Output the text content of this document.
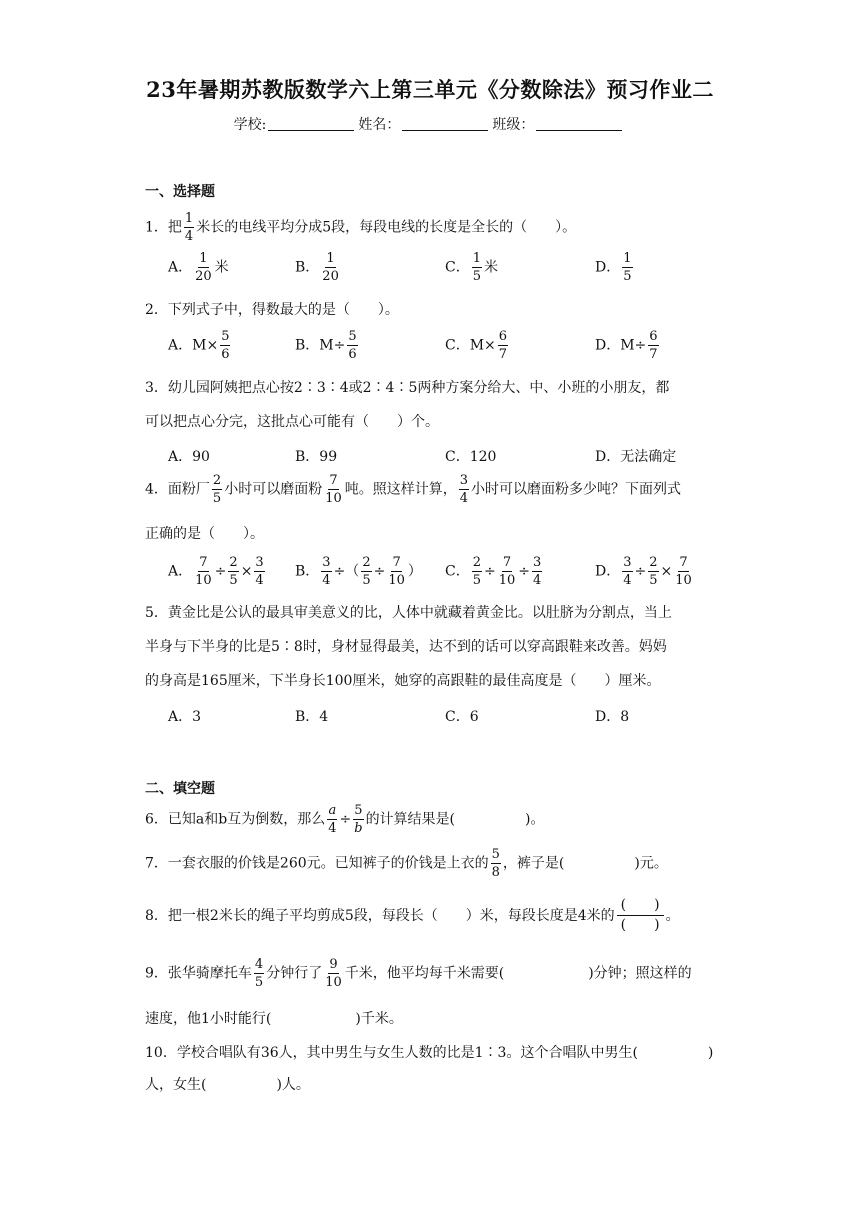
23年暑期苏教版数学六上第三单元《分数除法》预习作业二
学校:	姓名：	班级：
一、选择题
1．把 $\frac{1}{4}$ 米长的电线平均分成5段，每段电线的长度是全长的（　　）。
A． $\frac{1}{20}$ 米	B． $\frac{1}{20}$	C． $\frac{1}{5}$ 米	D． $\frac{1}{5}$
2．下列式子中，得数最大的是（　　）。
A．$M\times \frac{5}{6}$	B．$M\div \frac{5}{6}$	C．$M\times \frac{6}{7}$	D．$M\div \frac{6}{7}$
3．幼儿园阿姨把点心按2∶3∶4或2∶4∶5两种方案分给大、中、小班的小朋友，都
可以把点心分完，这批点心可能有（　　）个。
A．90	B．99	C．120	D．无法确定
4．面粉厂 $\frac{2}{5}$ 小时可以磨面粉 $\frac{7}{10}$ 吨。照这样计算， $\frac{3}{4}$ 小时可以磨面粉多少吨？下面列式
正确的是（　　）。
A． $\frac{7}{10} \div \frac{2}{5} \times \frac{3}{4}$ B． $\frac{3}{4}$ ÷（ $\frac{2}{5} \div \frac{7}{10}$ ） C． $\frac{2}{5} \div \frac{7}{10} \div \frac{3}{4}$	D． $\frac{3}{4} \div \frac{2}{5} \times \frac{7}{10}$
5．黄金比是公认的最具审美意义的比，人体中就藏着黄金比。以肚脐为分割点，当上
半身与下半身的比是5∶8时，身材显得最美，达不到的话可以穿高跟鞋来改善。妈妈
的身高是165厘米，下半身长100厘米，她穿的高跟鞋的最佳高度是（　　）厘米。
A．3	B．4	C．6	D．8
二、填空题
6．已知a和b互为倒数，那么 $\frac{a}{4} \div \frac{5}{b}$ 的计算结果是(　　　　　)。
7．一套衣服的价钱是260元。已知裤子的价钱是上衣的 $\frac{5}{8}$ ，裤子是(　　　　　)元。
8．把一根2米长的绳子平均剪成5段，每段长（　　）米，每段长度是4米的
(　　)
(　　)
。
9．张华骑摩托车 $\frac{4}{5}$ 分钟行了 $\frac{9}{10}$ 千米，他平均每千米需要(　　　　　　)分钟；照这样的
速度，他1小时能行(　　　　　　)千米。
10．学校合唱队有36人，其中男生与女生人数的比是1∶3。这个合唱队中男生(　　　　　)
人，女生(　　　　　)人。
